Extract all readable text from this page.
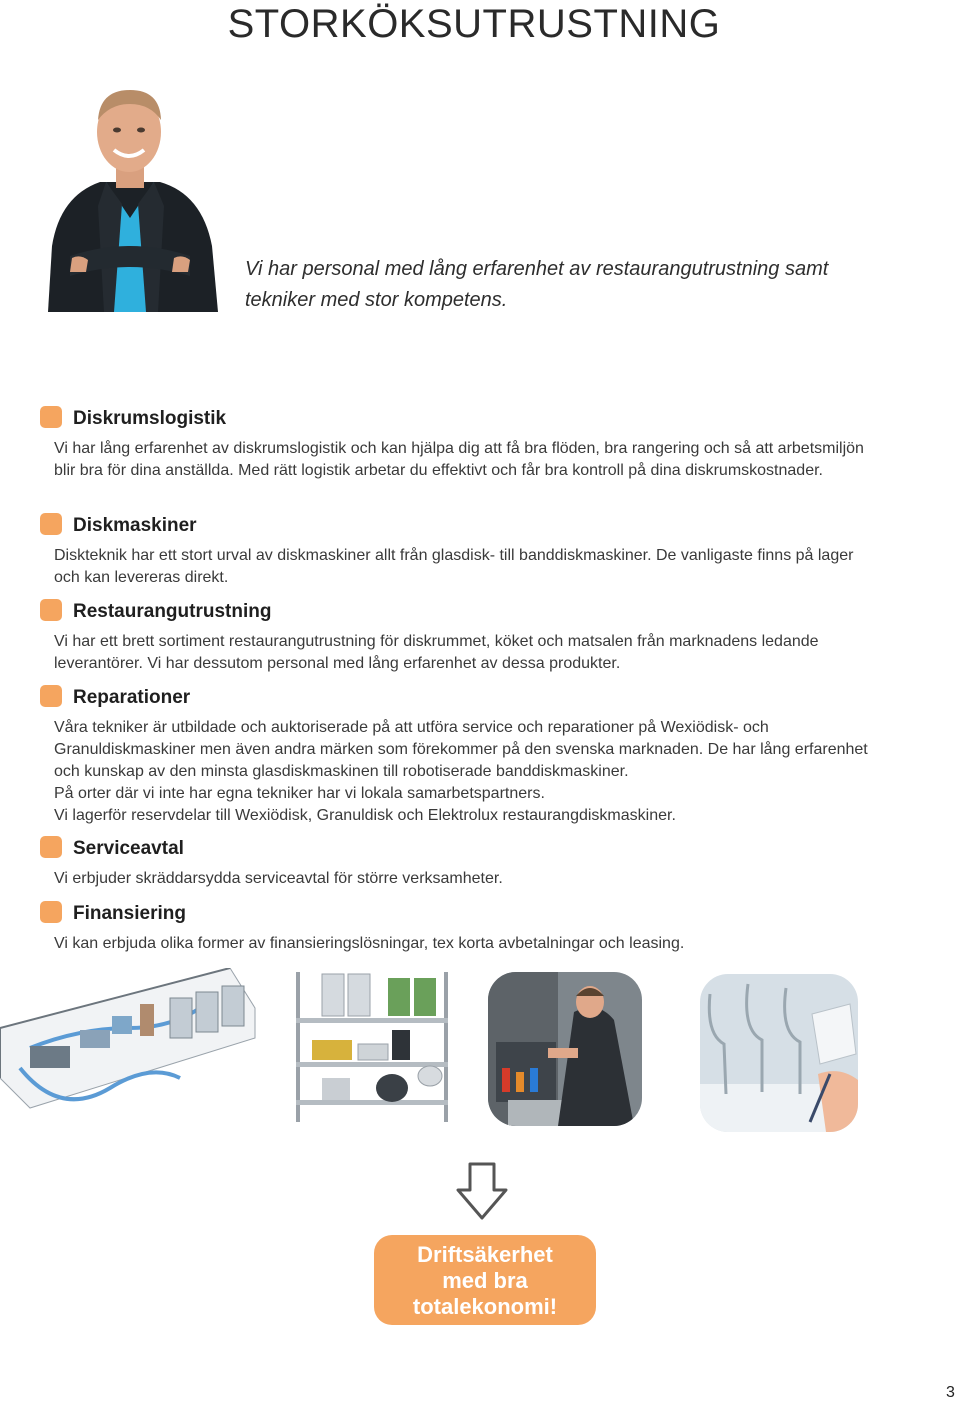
STORKÖKSUTRUSTNING
Vi har personal med lång erfarenhet av restaurangutrustning samt tekniker med stor kompetens.
Diskrumslogistik

Vi har lång erfarenhet av diskrumslogistik och kan hjälpa dig att få bra flöden, bra rangering och så att arbetsmiljön blir bra för dina anställda. Med rätt logistik arbetar du effektivt och får bra kontroll på dina diskrumskostnader.

Diskmaskiner

Diskteknik har ett stort urval av diskmaskiner allt från glasdisk- till banddiskmaskiner. De vanligaste finns på lager och kan levereras direkt.

Restaurangutrustning

Vi har ett brett sortiment restaurangutrustning för diskrummet, köket och matsalen från marknadens ledande leverantörer. Vi har dessutom personal med lång erfarenhet av dessa produkter.

Reparationer

Våra tekniker är utbildade och auktoriserade på att utföra service och reparationer på Wexiödisk- och Granuldiskmaskiner men även andra märken som förekommer på den svenska marknaden. De har lång erfarenhet och kunskap av den minsta glasdiskmaskinen till robotiserade banddiskmaskiner.

På orter där vi inte har egna tekniker har vi lokala samarbetspartners.

Vi lagerför reservdelar till Wexiödisk, Granuldisk och Elektrolux restaurangdiskmaskiner.

Serviceavtal

Vi erbjuder skräddarsydda serviceavtal för större verksamheter.

Finansiering

Vi kan erbjuda olika former av finansieringslösningar, tex korta avbetalningar och leasing.

Driftsäkerhet
med bra
totalekonomi!
3
